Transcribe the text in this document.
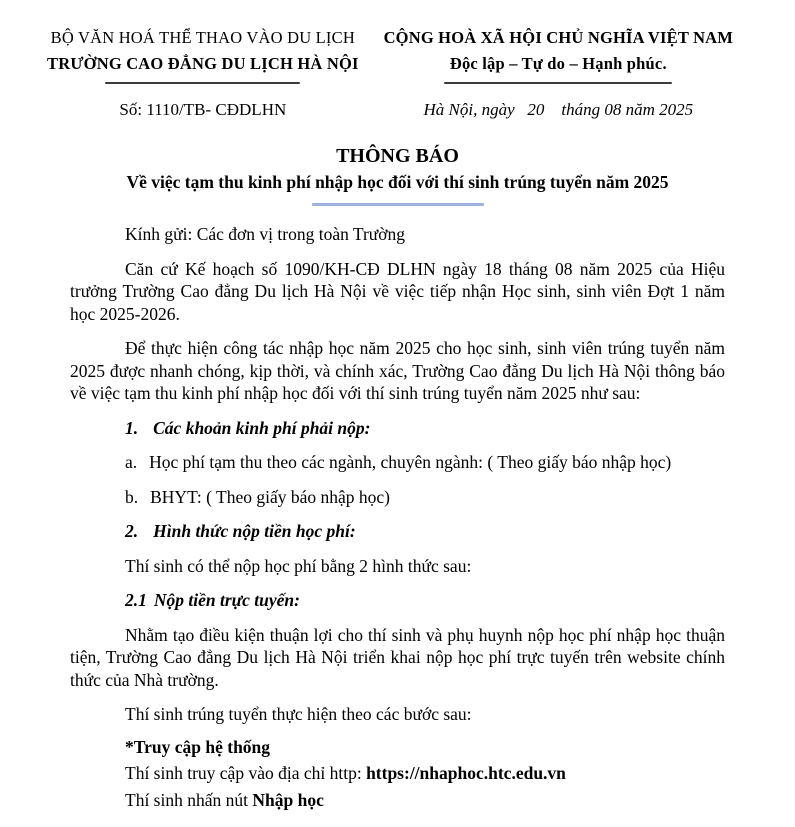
BỘ VĂN HOÁ THỂ THAO VÀO DU LỊCH
TRƯỜNG CAO ĐẲNG DU LỊCH HÀ NỘI
Số: 1110/TB- CĐDLHN
CỘNG HOÀ XÃ HỘI CHỦ NGHĨA VIỆT NAM
Độc lập – Tự do – Hạnh phúc.
Hà Nội, ngày   20    tháng 08 năm 2025
THÔNG BÁO
Về việc tạm thu kinh phí nhập học đối với thí sinh trúng tuyển năm 2025

Kính gửi: Các đơn vị trong toàn Trường

Căn cứ Kế hoạch số 1090/KH-CĐ DLHN ngày 18 tháng 08 năm 2025 của Hiệu trưởng Trường Cao đẳng Du lịch Hà Nội về việc tiếp nhận Học sinh, sinh viên Đợt 1 năm học 2025-2026.

Để thực hiện công tác nhập học năm 2025 cho học sinh, sinh viên trúng tuyển năm 2025 được nhanh chóng, kịp thời, và chính xác, Trường Cao đẳng Du lịch Hà Nội thông báo về việc tạm thu kinh phí nhập học đối với thí sinh trúng tuyển năm 2025 như sau:

1. Các khoản kinh phí phải nộp:
a. Học phí tạm thu theo các ngành, chuyên ngành: ( Theo giấy báo nhập học)
b. BHYT: ( Theo giấy báo nhập học)
2. Hình thức nộp tiền học phí:

Thí sinh có thể nộp học phí bằng 2 hình thức sau:

2.1 Nộp tiền trực tuyến:

Nhằm tạo điều kiện thuận lợi cho thí sinh và phụ huynh nộp học phí nhập học thuận tiện, Trường Cao đẳng Du lịch Hà Nội triển khai nộp học phí trực tuyến trên website chính thức của Nhà trường.

Thí sinh trúng tuyển thực hiện theo các bước sau:

*Truy cập hệ thống

Thí sinh truy cập vào địa chỉ http: https://nhaphoc.htc.edu.vn

Thí sinh nhấn nút Nhập học
